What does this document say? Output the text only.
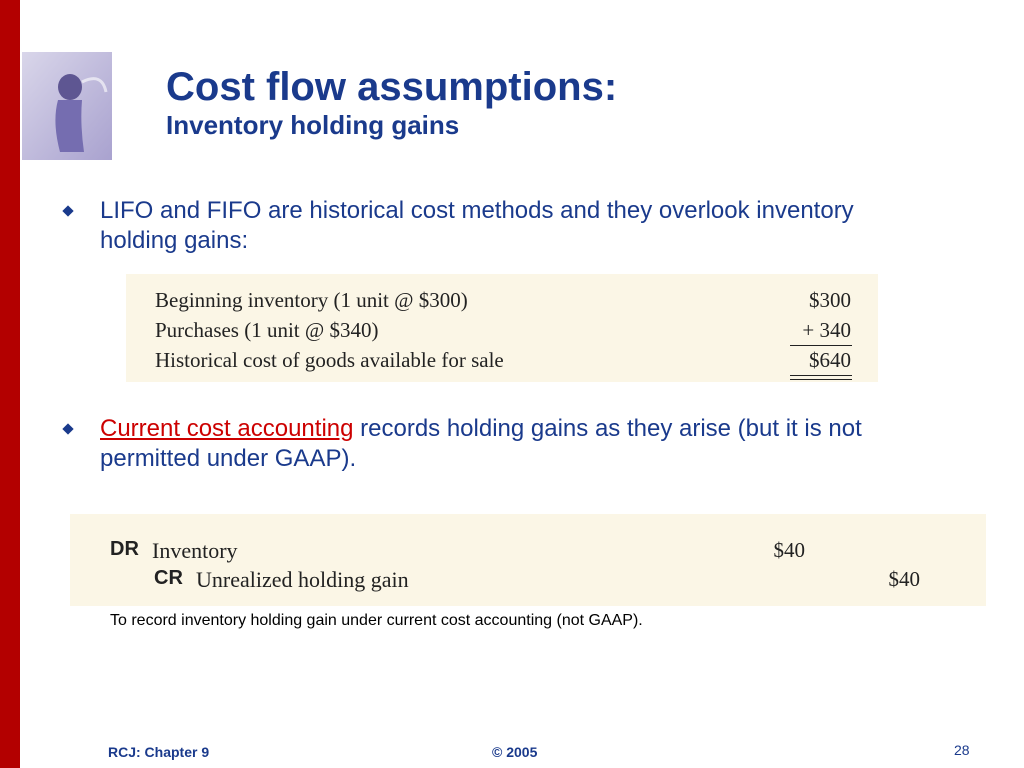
Cost flow assumptions:
Inventory holding gains
LIFO and FIFO are historical cost methods and they overlook inventory holding gains:
Beginning inventory (1 unit @ $300)	$300
Purchases (1 unit @ $340)	+ 340
Historical cost of goods available for sale	$640
Current cost accounting records holding gains as they arise (but it is not permitted under GAAP).
DR Inventory	$40
CR Unrealized holding gain	$40
To record inventory holding gain under current cost accounting (not GAAP).
RCJ: Chapter 9	© 2005	28
